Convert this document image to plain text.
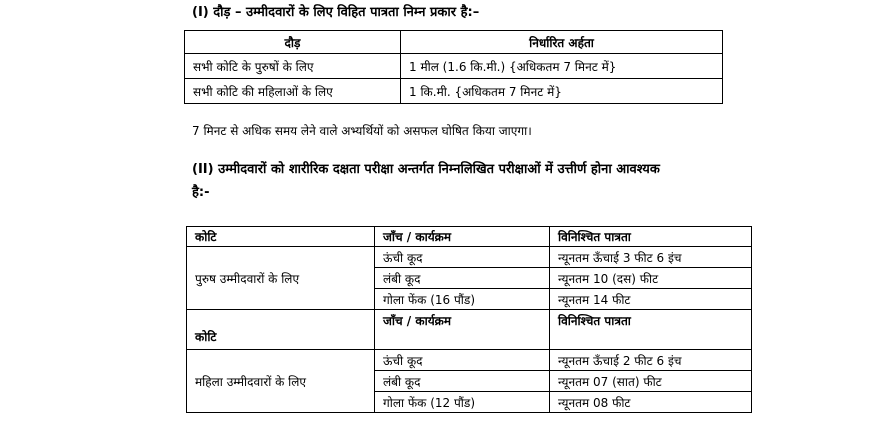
(I) दौड़ – उम्मीदवारों के लिए विहित पात्रता निम्न प्रकार है:–
दौड़	निर्धारित अर्हता
सभी कोटि के पुरुषों के लिए	1 मील (1.6 कि.मी.) {अधिकतम 7 मिनट में}
सभी कोटि की महिलाओं के लिए	1 कि.मी. {अधिकतम 7 मिनट में}
7 मिनट से अधिक समय लेने वाले अभ्यर्थियों को असफल घोषित किया जाएगा।
(II) उम्मीदवारों को शारीरिक दक्षता परीक्षा अन्तर्गत निम्नलिखित परीक्षाओं में उत्तीर्ण होना आवश्यक
है:-
कोटि	जाँच / कार्यक्रम	विनिश्चित पात्रता
पुरुष उम्मीदवारों के लिए	ऊंची कूद	न्यूनतम ऊँचाई 3 फीट 6 इंच
	लंबी कूद	न्यूनतम 10 (दस) फीट
	गोला फेंक (16 पौंड)	न्यूनतम 14 फीट
कोटि	जाँच / कार्यक्रम	विनिश्चित पात्रता
महिला उम्मीदवारों के लिए	ऊंची कूद	न्यूनतम ऊँचाई 2 फीट 6 इंच
	लंबी कूद	न्यूनतम 07 (सात) फीट
	गोला फेंक (12 पौंड)	न्यूनतम 08 फीट
